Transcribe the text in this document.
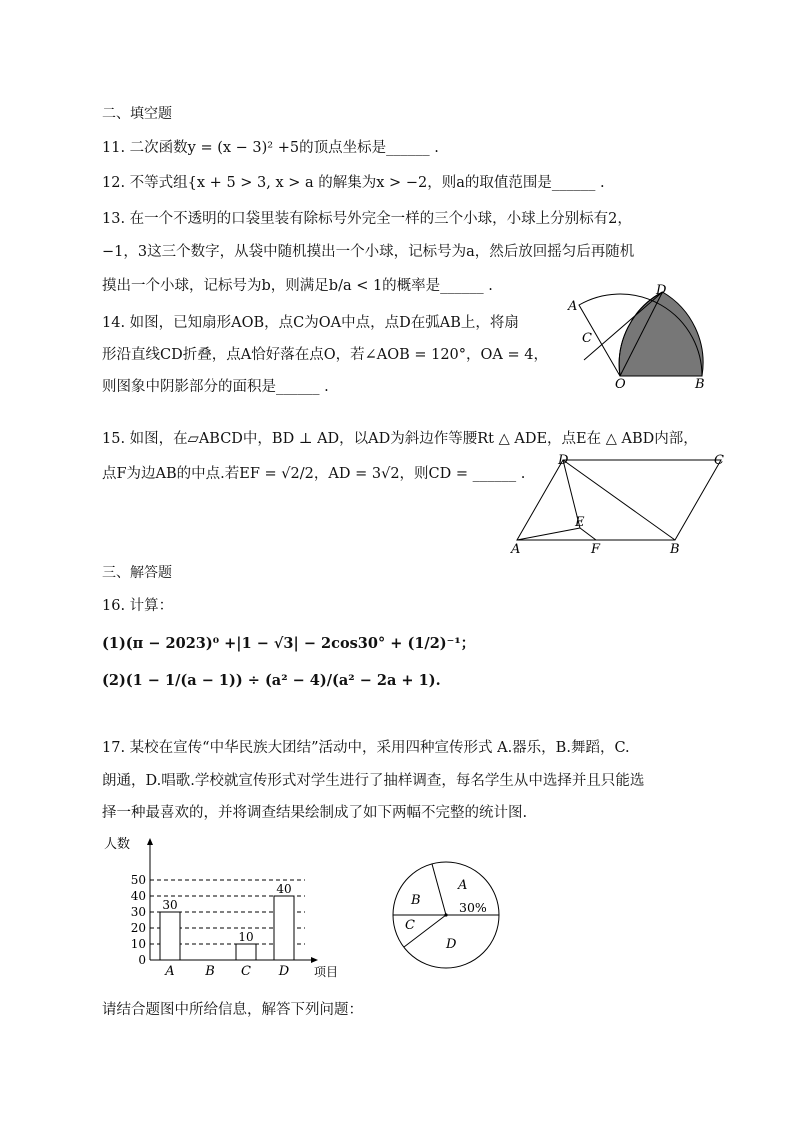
二、填空题
11. 二次函数y = (x − 3)² +5的顶点坐标是______ .
12. 不等式组{x + 5 > 3, x > a 的解集为x > −2，则a的取值范围是______ .
13. 在一个不透明的口袋里装有除标号外完全一样的三个小球，小球上分别标有2，
−1，3这三个数字，从袋中随机摸出一个小球，记标号为a，然后放回摇匀后再随机
摸出一个小球，记标号为b，则满足b/a < 1的概率是______ .
14. 如图，已知扇形AOB，点C为OA中点，点D在弧AB上，将扇
形沿直线CD折叠，点A恰好落在点O，若∠AOB = 120°，OA = 4，
则图象中阴影部分的面积是______ .
A
C
D
O	B
15. 如图，在▱ABCD中，BD ⊥ AD，以AD为斜边作等腰Rt △ ADE，点E在 △ ABD内部，
点F为边AB的中点.若EF = √2/2，AD = 3√2，则CD = ______ .
D	C
E
A	F	B
三、解答题
16. 计算：
(1)(π − 2023)⁰ +|1 − √3| − 2cos30° + (1/2)⁻¹；
(2)(1 − 1/(a − 1)) ÷ (a² − 4)/(a² − 2a + 1).
17. 某校在宣传“中华民族大团结”活动中，采用四种宣传形式 A.器乐，B.舞蹈，C.
朗通，D.唱歌.学校就宣传形式对学生进行了抽样调查，每名学生从中选择并且只能选
择一种最喜欢的，并将调查结果绘制成了如下两幅不完整的统计图.
0
10
20
30
40
50
30
A B
10
C
40
D
人数
项目
A
B
C
D
30%
请结合题图中所给信息，解答下列问题：
